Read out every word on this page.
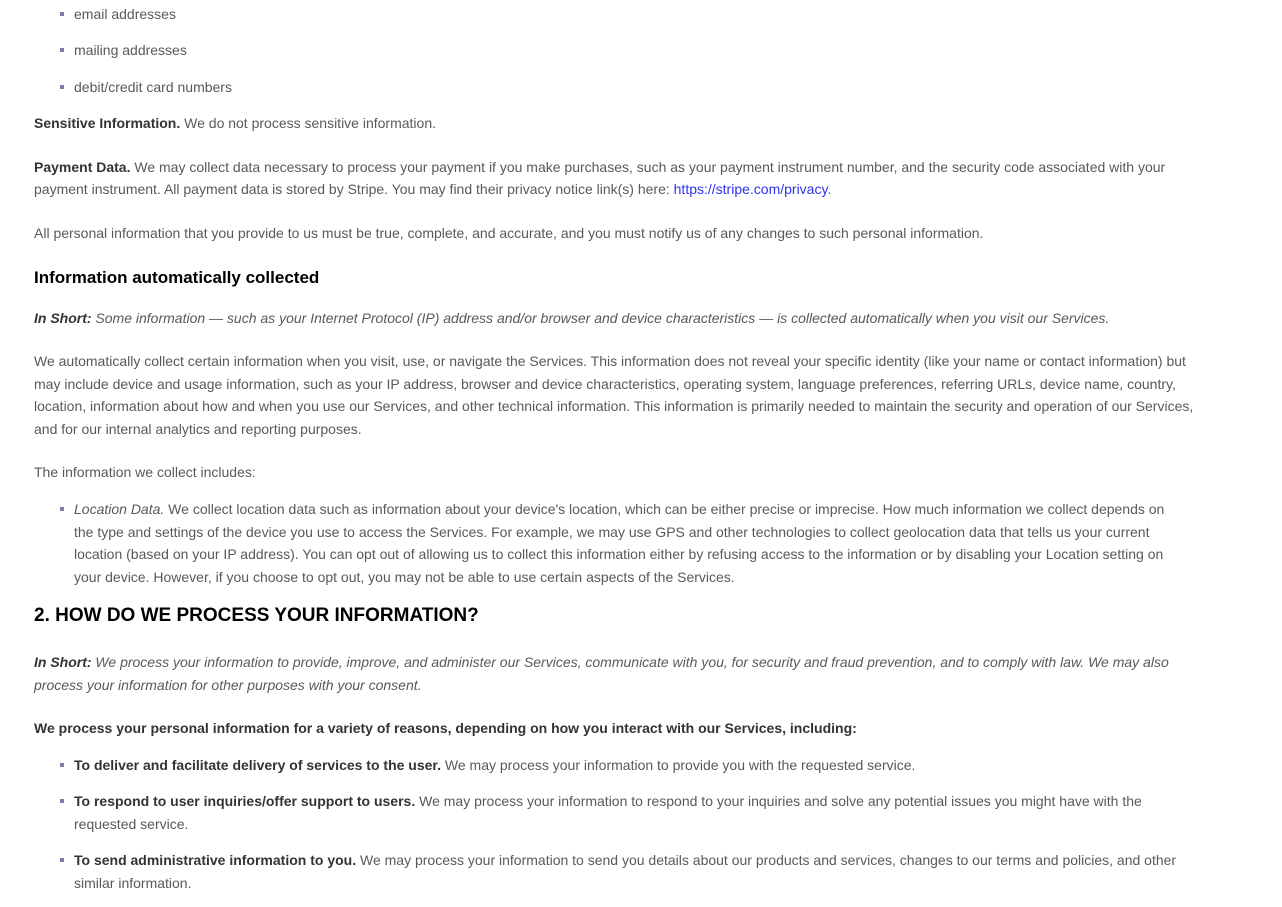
email addresses
mailing addresses
debit/credit card numbers
Sensitive Information. We do not process sensitive information.
Payment Data. We may collect data necessary to process your payment if you make purchases, such as your payment instrument number, and the security code associated with your payment instrument. All payment data is stored by Stripe. You may find their privacy notice link(s) here: https://stripe.com/privacy.
All personal information that you provide to us must be true, complete, and accurate, and you must notify us of any changes to such personal information.
Information automatically collected
In Short: Some information — such as your Internet Protocol (IP) address and/or browser and device characteristics — is collected automatically when you visit our Services.
We automatically collect certain information when you visit, use, or navigate the Services. This information does not reveal your specific identity (like your name or contact information) but may include device and usage information, such as your IP address, browser and device characteristics, operating system, language preferences, referring URLs, device name, country, location, information about how and when you use our Services, and other technical information. This information is primarily needed to maintain the security and operation of our Services, and for our internal analytics and reporting purposes.
The information we collect includes:
Location Data. We collect location data such as information about your device's location, which can be either precise or imprecise. How much information we collect depends on the type and settings of the device you use to access the Services. For example, we may use GPS and other technologies to collect geolocation data that tells us your current location (based on your IP address). You can opt out of allowing us to collect this information either by refusing access to the information or by disabling your Location setting on your device. However, if you choose to opt out, you may not be able to use certain aspects of the Services.
2. HOW DO WE PROCESS YOUR INFORMATION?
In Short: We process your information to provide, improve, and administer our Services, communicate with you, for security and fraud prevention, and to comply with law. We may also process your information for other purposes with your consent.
We process your personal information for a variety of reasons, depending on how you interact with our Services, including:
To deliver and facilitate delivery of services to the user. We may process your information to provide you with the requested service.
To respond to user inquiries/offer support to users. We may process your information to respond to your inquiries and solve any potential issues you might have with the requested service.
To send administrative information to you. We may process your information to send you details about our products and services, changes to our terms and policies, and other similar information.
